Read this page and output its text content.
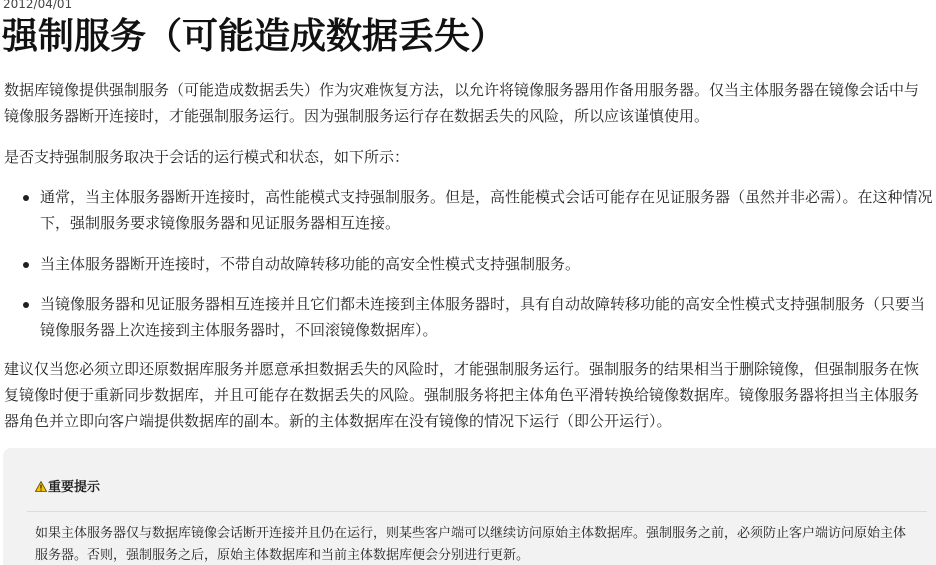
2012/04/01
强制服务（可能造成数据丢失）

数据库镜像提供强制服务（可能造成数据丢失）作为灾难恢复方法，以允许将镜像服务器用作备用服务器。仅当主体服务器在镜像会话中与镜像服务器断开连接时，才能强制服务运行。因为强制服务运行存在数据丢失的风险，所以应该谨慎使用。

是否支持强制服务取决于会话的运行模式和状态，如下所示：

通常，当主体服务器断开连接时，高性能模式支持强制服务。但是，高性能模式会话可能存在见证服务器（虽然并非必需）。在这种情况下，强制服务要求镜像服务器和见证服务器相互连接。
当主体服务器断开连接时，不带自动故障转移功能的高安全性模式支持强制服务。
当镜像服务器和见证服务器相互连接并且它们都未连接到主体服务器时，具有自动故障转移功能的高安全性模式支持强制服务（只要当镜像服务器上次连接到主体服务器时，不回滚镜像数据库）。

建议仅当您必须立即还原数据库服务并愿意承担数据丢失的风险时，才能强制服务运行。强制服务的结果相当于删除镜像，但强制服务在恢复镜像时便于重新同步数据库，并且可能存在数据丢失的风险。强制服务将把主体角色平滑转换给镜像数据库。镜像服务器将担当主体服务器角色并立即向客户端提供数据库的副本。新的主体数据库在没有镜像的情况下运行（即公开运行）。

重要提示

如果主体服务器仅与数据库镜像会话断开连接并且仍在运行，则某些客户端可以继续访问原始主体数据库。强制服务之前，必须防止客户端访问原始主体服务器。否则，强制服务之后，原始主体数据库和当前主体数据库便会分别进行更新。
